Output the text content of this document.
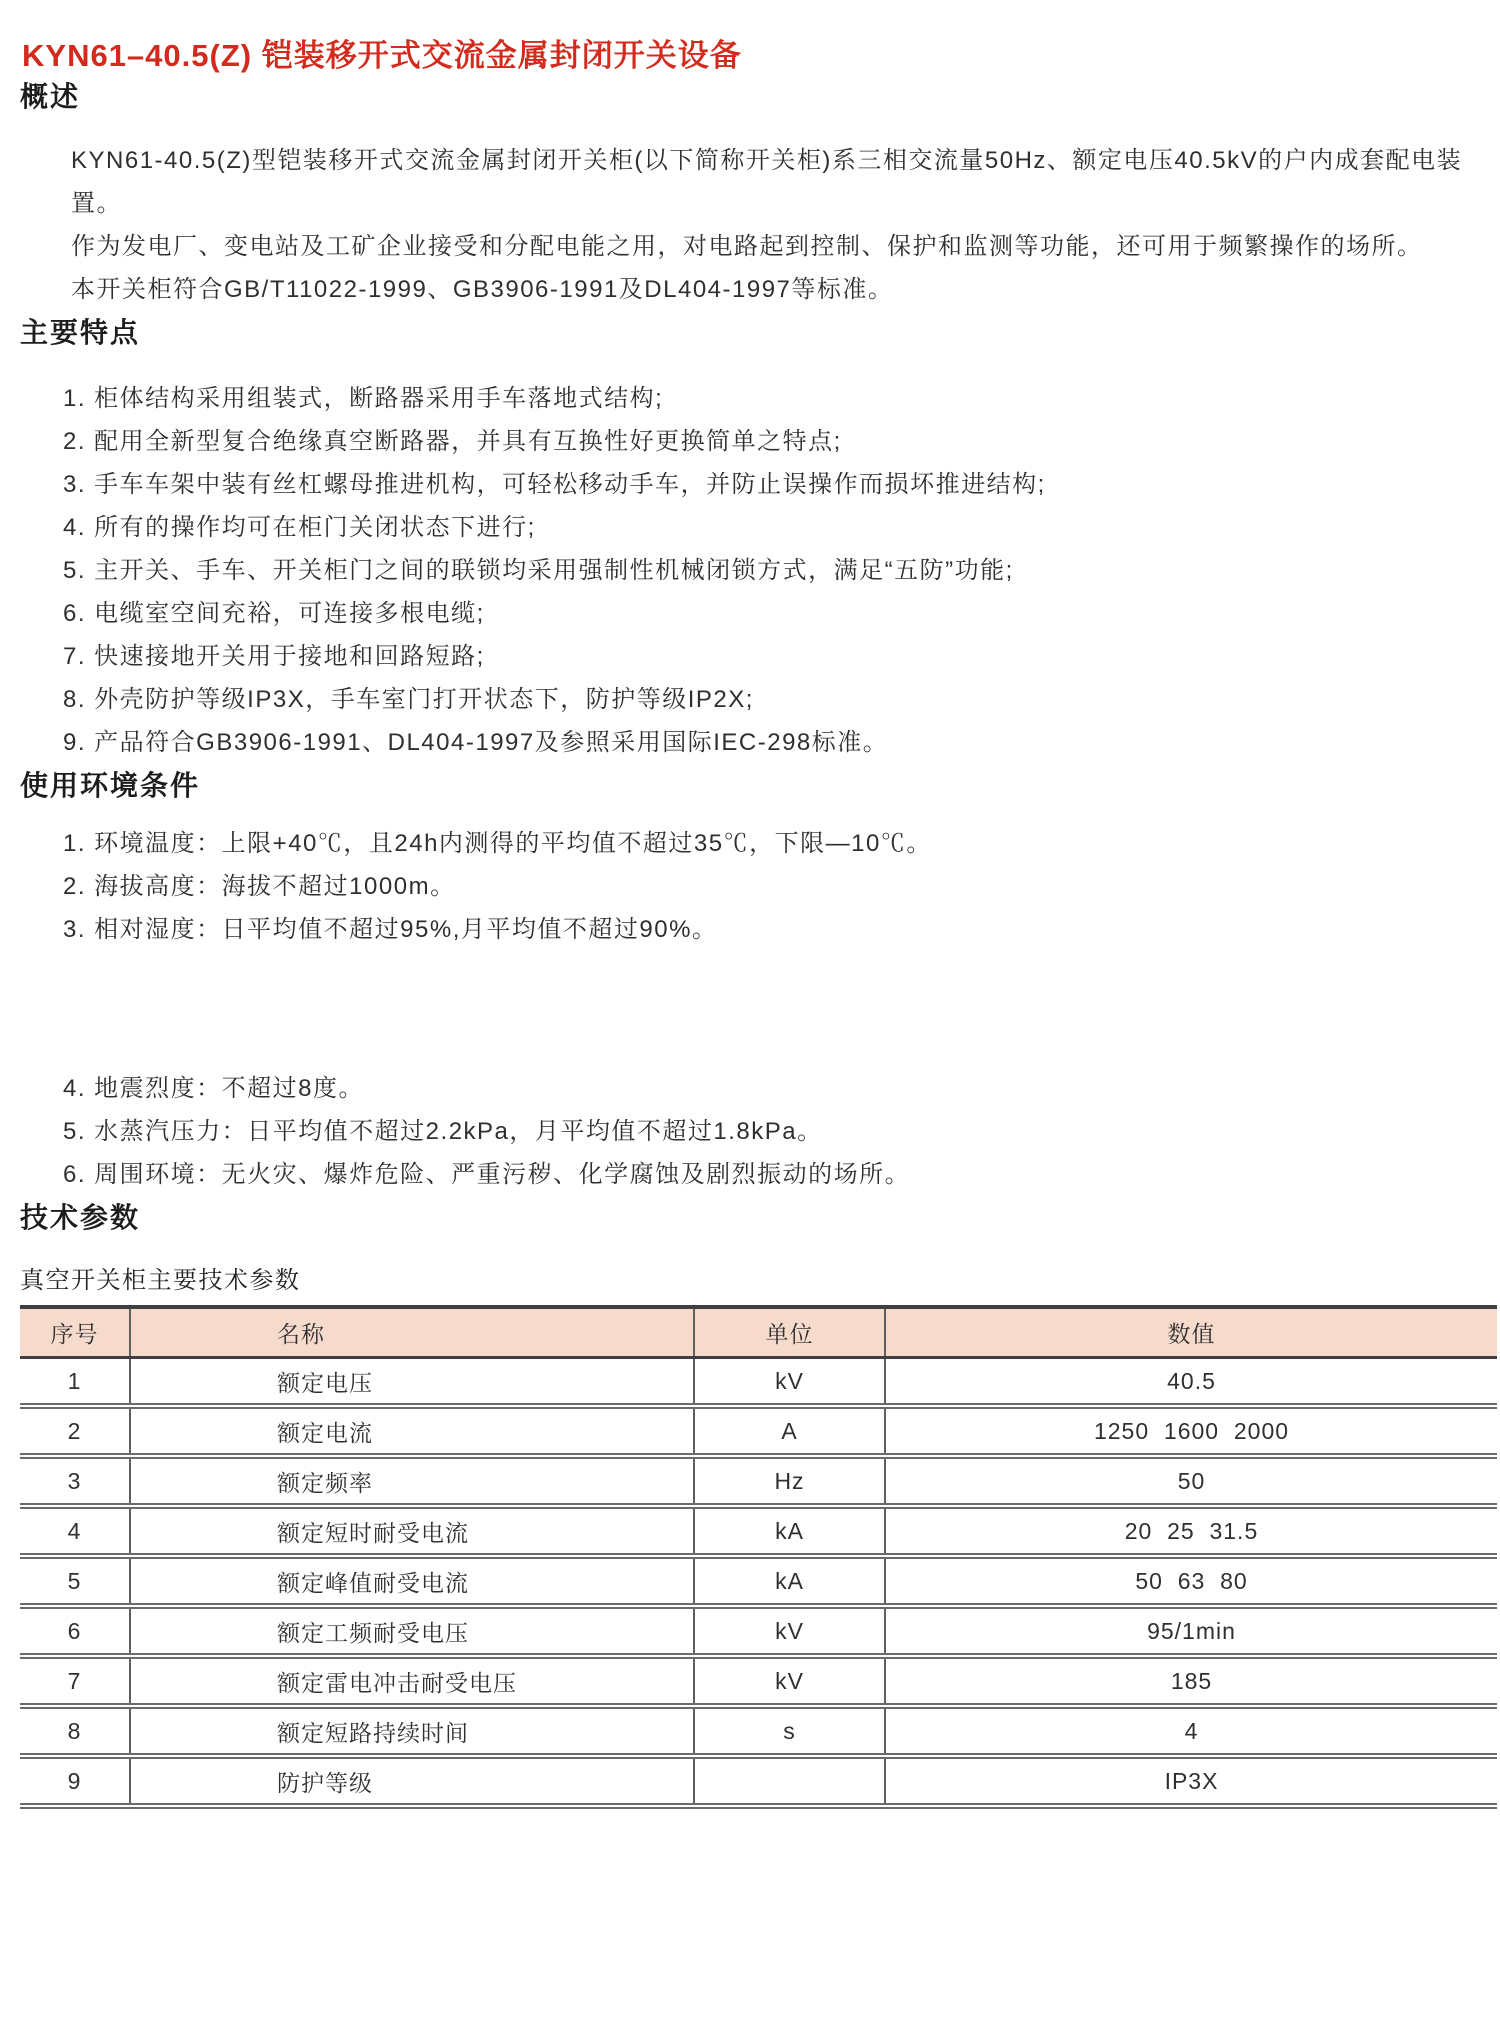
KYN61–40.5(Z) 铠装移开式交流金属封闭开关设备
概述
KYN61-40.5(Z)型铠装移开式交流金属封闭开关柜(以下简称开关柜)系三相交流量50Hz、额定电压40.5kV的户内成套配电装置。
作为发电厂、变电站及工矿企业接受和分配电能之用，对电路起到控制、保护和监测等功能，还可用于频繁操作的场所。
本开关柜符合GB/T11022-1999、GB3906-1991及DL404-1997等标准。
主要特点
1. 柜体结构采用组装式，断路器采用手车落地式结构;
2. 配用全新型复合绝缘真空断路器，并具有互换性好更换简单之特点;
3. 手车车架中装有丝杠螺母推进机构，可轻松移动手车，并防止误操作而损坏推进结构;
4. 所有的操作均可在柜门关闭状态下进行;
5. 主开关、手车、开关柜门之间的联锁均采用强制性机械闭锁方式，满足“五防”功能;
6. 电缆室空间充裕，可连接多根电缆;
7. 快速接地开关用于接地和回路短路;
8. 外壳防护等级IP3X，手车室门打开状态下，防护等级IP2X;
9. 产品符合GB3906-1991、DL404-1997及参照采用国际IEC-298标准。
使用环境条件
1. 环境温度：上限+40℃，且24h内测得的平均值不超过35℃，下限—10℃。
2. 海拔高度：海拔不超过1000m。
3. 相对湿度：日平均值不超过95%,月平均值不超过90%。
4. 地震烈度：不超过8度。
5. 水蒸汽压力：日平均值不超过2.2kPa，月平均值不超过1.8kPa。
6. 周围环境：无火灾、爆炸危险、严重污秽、化学腐蚀及剧烈振动的场所。
技术参数
真空开关柜主要技术参数
序号	名称	单位	数值
1	额定电压	kV	40.5
2	额定电流	A	1250  1600  2000
3	额定频率	Hz	50
4	额定短时耐受电流	kA	20  25  31.5
5	额定峰值耐受电流	kA	50  63  80
6	额定工频耐受电压	kV	95/1min
7	额定雷电冲击耐受电压	kV	185
8	额定短路持续时间	s	4
9	防护等级		IP3X
